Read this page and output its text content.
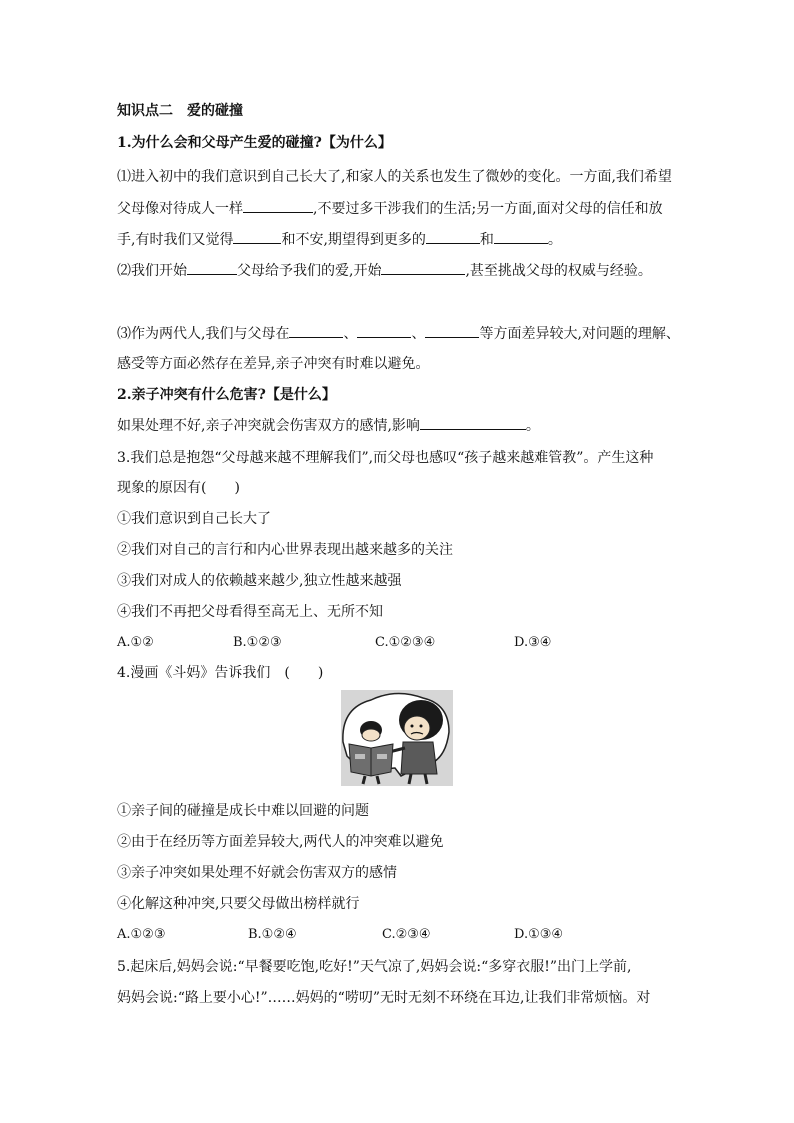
知识点二　爱的碰撞
1.为什么会和父母产生爱的碰撞?【为什么】
⑴进入初中的我们意识到自己长大了,和家人的关系也发生了微妙的变化。一方面,我们希望
父母像对待成人一样	,不要过多干涉我们的生活;另一方面,面对父母的信任和放
手,有时我们又觉得	和不安,期望得到更多的	和	。
⑵我们开始	父母给予我们的爱,开始	,甚至挑战父母的权威与经验。
⑶作为两代人,我们与父母在	、	、	等方面差异较大,对问题的理解、
感受等方面必然存在差异,亲子冲突有时难以避免。
2.亲子冲突有什么危害?【是什么】
如果处理不好,亲子冲突就会伤害双方的感情,影响	。
3.我们总是抱怨“父母越来越不理解我们”,而父母也感叹“孩子越来越难管教”。产生这种
现象的原因有(　　)
①我们意识到自己长大了
②我们对自己的言行和内心世界表现出越来越多的关注
③我们对成人的依赖越来越少,独立性越来越强
④我们不再把父母看得至高无上、无所不知
A.①②	B.①②③	C.①②③④	D.③④
4.漫画《斗妈》告诉我们　(　　)
①亲子间的碰撞是成长中难以回避的问题
②由于在经历等方面差异较大,两代人的冲突难以避免
③亲子冲突如果处理不好就会伤害双方的感情
④化解这种冲突,只要父母做出榜样就行
A.①②③	B.①②④	C.②③④	D.①③④
5.起床后,妈妈会说:“早餐要吃饱,吃好!”天气凉了,妈妈会说:“多穿衣服!”出门上学前,
妈妈会说:“路上要小心!”……妈妈的“唠叨”无时无刻不环绕在耳边,让我们非常烦恼。对
